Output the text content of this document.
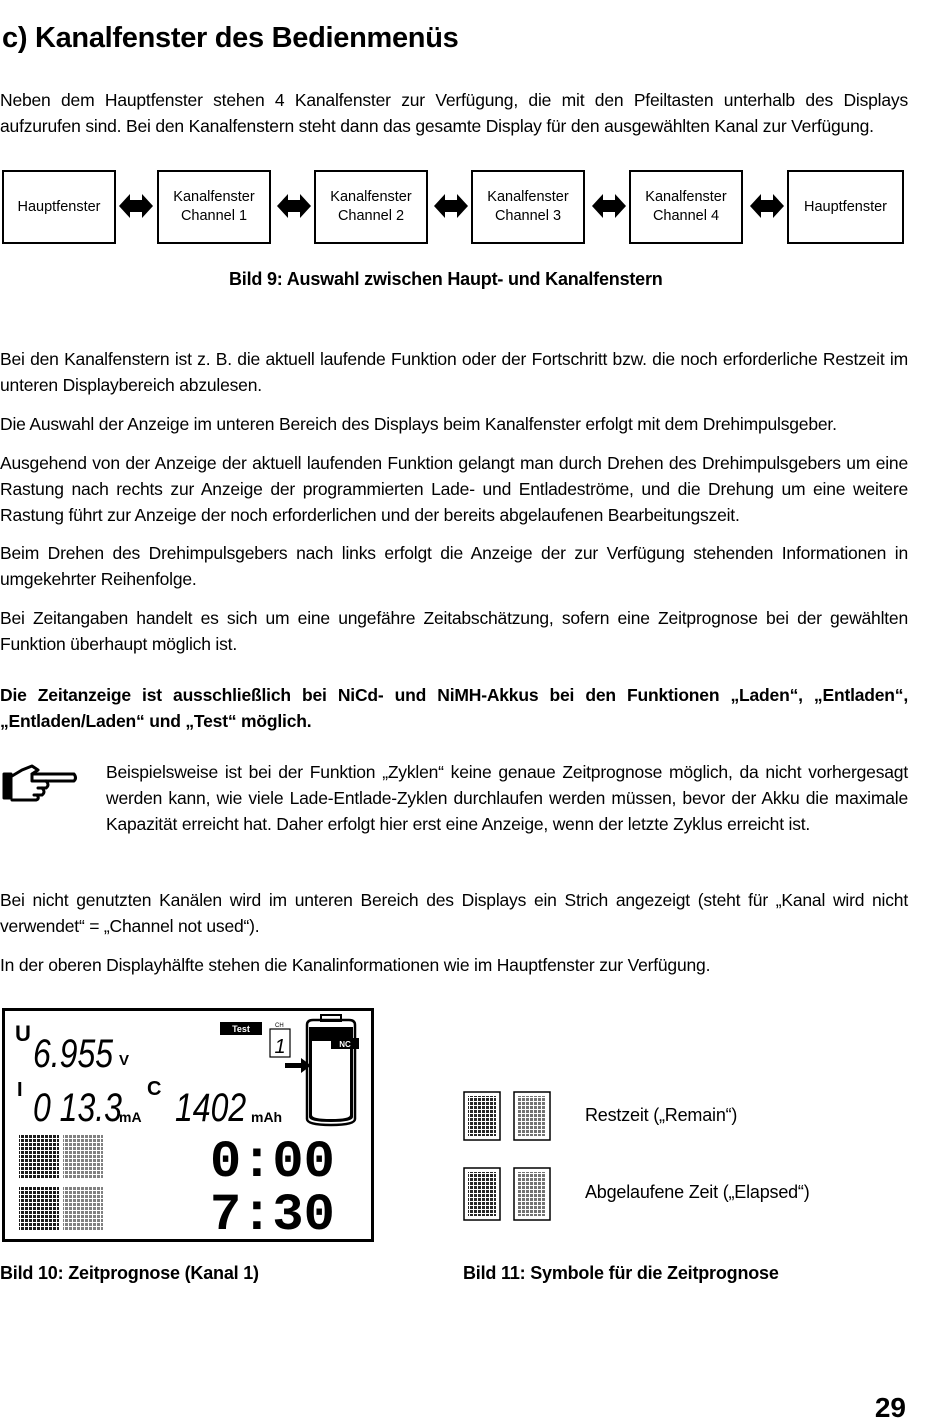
c) Kanalfenster des Bedienmenüs
Neben dem Hauptfenster stehen 4 Kanalfenster zur Verfügung, die mit den Pfeiltasten unterhalb des Displays aufzurufen sind. Bei den Kanalfenstern steht dann das gesamte Display für den ausgewählten Kanal zur Verfügung.
Hauptfenster
Kanalfenster
Channel 1
Kanalfenster
Channel 2
Kanalfenster
Channel 3
Kanalfenster
Channel 4
Hauptfenster
Bild 9: Auswahl zwischen Haupt- und Kanalfenstern
Bei den Kanalfenstern ist z. B. die aktuell laufende Funktion oder der Fortschritt bzw. die noch erforderliche Restzeit im unteren Displaybereich abzulesen.
Die Auswahl der Anzeige im unteren Bereich des Displays beim Kanalfenster erfolgt mit dem Drehimpulsgeber.
Ausgehend von der Anzeige der aktuell laufenden Funktion gelangt man durch Drehen des Drehimpulsgebers um eine Rastung nach rechts zur Anzeige der programmierten Lade- und Entladeströme, und die Drehung um eine weitere Rastung führt zur Anzeige der noch erforderlichen und der bereits abgelaufenen Bearbeitungszeit.
Beim Drehen des Drehimpulsgebers nach links erfolgt die Anzeige der zur Verfügung stehenden Informationen in umgekehrter Reihenfolge.
Bei Zeitangaben handelt es sich um eine ungefähre Zeitabschätzung, sofern eine Zeitprognose bei der gewählten Funktion überhaupt möglich ist.
Die Zeitanzeige ist ausschließlich bei NiCd- und NiMH-Akkus bei den Funktionen „Laden“, „Entladen“, „Entladen/Laden“ und „Test“ möglich.
Beispielsweise ist bei der Funktion „Zyklen“ keine genaue Zeitprognose möglich, da nicht vorhergesagt werden kann, wie viele Lade-Entlade-Zyklen durchlaufen werden müssen, bevor der Akku die maximale Kapazität erreicht hat. Daher erfolgt hier erst eine Anzeige, wenn der letzte Zyklus erreicht ist.
Bei nicht genutzten Kanälen wird im unteren Bereich des Displays ein Strich angezeigt (steht für „Kanal wird nicht verwendet“ = „Channel not used“).
In der oberen Displayhälfte stehen die Kanalinformationen wie im Hauptfenster zur Verfügung.
U 6.955 V
I 0 13.3
mA
C 1402 mAh
Test	CH
1	NC
0:00
7:30
Restzeit („Remain“)
Abgelaufene Zeit („Elapsed“)
Bild 10: Zeitprognose (Kanal 1)	Bild 11: Symbole für die Zeitprognose
29
